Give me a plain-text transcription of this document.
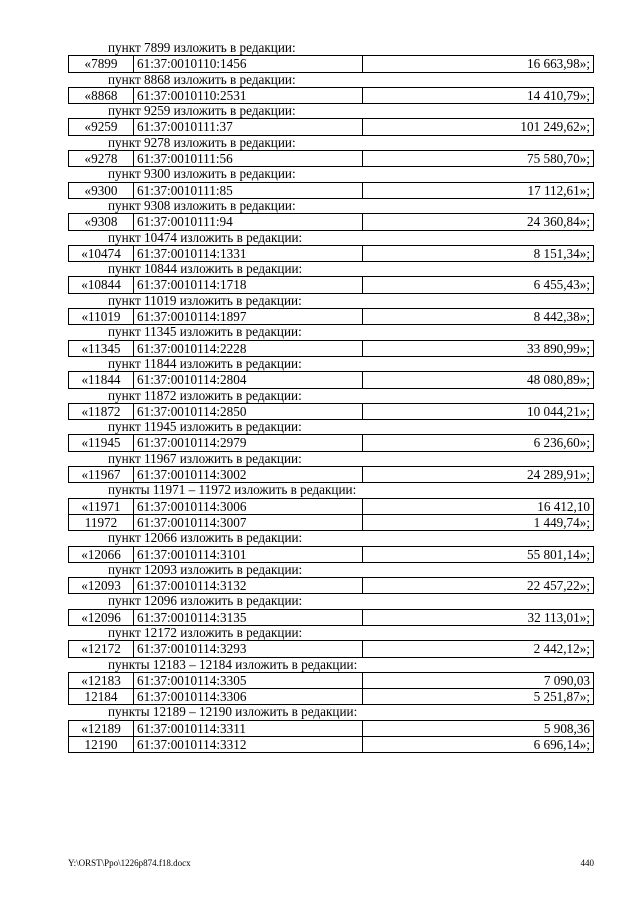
пункт 7899 изложить в редакции:
«7899	61:37:0010110:1456	16 663,98»;
пункт 8868 изложить в редакции:
«8868	61:37:0010110:2531	14 410,79»;
пункт 9259 изложить в редакции:
«9259	61:37:0010111:37	101 249,62»;
пункт 9278 изложить в редакции:
«9278	61:37:0010111:56	75 580,70»;
пункт 9300 изложить в редакции:
«9300	61:37:0010111:85	17 112,61»;
пункт 9308 изложить в редакции:
«9308	61:37:0010111:94	24 360,84»;
пункт 10474 изложить в редакции:
«10474	61:37:0010114:1331	8 151,34»;
пункт 10844 изложить в редакции:
«10844	61:37:0010114:1718	6 455,43»;
пункт 11019 изложить в редакции:
«11019	61:37:0010114:1897	8 442,38»;
пункт 11345 изложить в редакции:
«11345	61:37:0010114:2228	33 890,99»;
пункт 11844 изложить в редакции:
«11844	61:37:0010114:2804	48 080,89»;
пункт 11872 изложить в редакции:
«11872	61:37:0010114:2850	10 044,21»;
пункт 11945 изложить в редакции:
«11945	61:37:0010114:2979	6 236,60»;
пункт 11967 изложить в редакции:
«11967	61:37:0010114:3002	24 289,91»;
пункты 11971 – 11972 изложить в редакции:
«11971	61:37:0010114:3006	16 412,10
11972	61:37:0010114:3007	1 449,74»;
пункт 12066 изложить в редакции:
«12066	61:37:0010114:3101	55 801,14»;
пункт 12093 изложить в редакции:
«12093	61:37:0010114:3132	22 457,22»;
пункт 12096 изложить в редакции:
«12096	61:37:0010114:3135	32 113,01»;
пункт 12172 изложить в редакции:
«12172	61:37:0010114:3293	2 442,12»;
пункты 12183 – 12184 изложить в редакции:
«12183	61:37:0010114:3305	7 090,03
12184	61:37:0010114:3306	5 251,87»;
пункты 12189 – 12190 изложить в редакции:
«12189	61:37:0010114:3311	5 908,36
12190	61:37:0010114:3312	6 696,14»;
Y:\ORST\Ppo\1226p874.f18.docx	440
